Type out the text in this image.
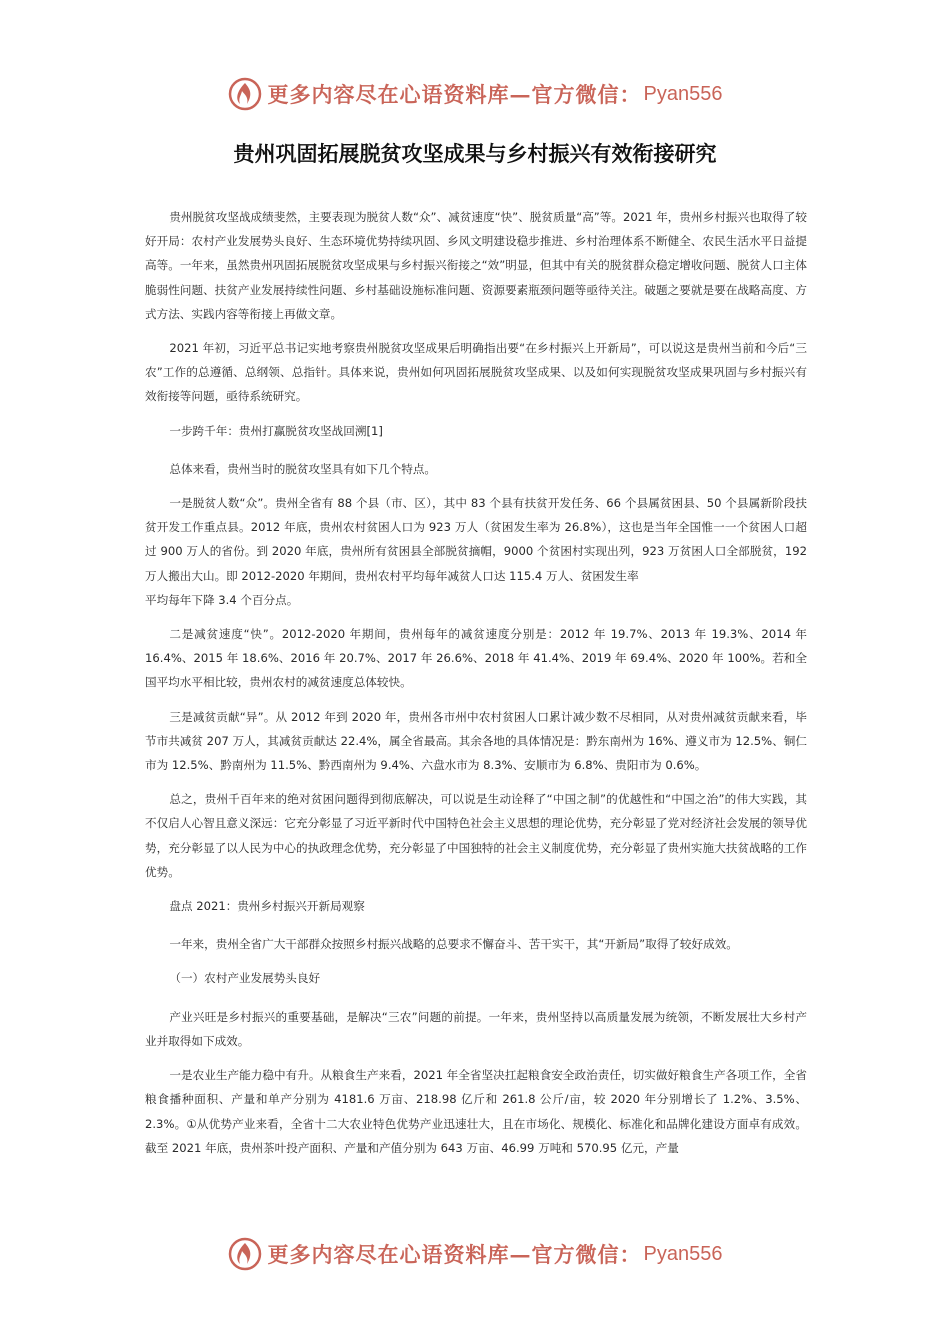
更多内容尽在心语资料库—官方微信： Pyan556
贵州巩固拓展脱贫攻坚成果与乡村振兴有效衔接研究

贵州脱贫攻坚战成绩斐然，主要表现为脱贫人数“众”、减贫速度“快”、脱贫质量“高”等。2021 年，贵州乡村振兴也取得了较好开局：农村产业发展势头良好、生态环境优势持续巩固、乡风文明建设稳步推进、乡村治理体系不断健全、农民生活水平日益提高等。一年来，虽然贵州巩固拓展脱贫攻坚成果与乡村振兴衔接之“效”明显，但其中有关的脱贫群众稳定增收问题、脱贫人口主体脆弱性问题、扶贫产业发展持续性问题、乡村基础设施标准问题、资源要素瓶颈问题等亟待关注。破题之要就是要在战略高度、方式方法、实践内容等衔接上再做文章。

2021 年初，习近平总书记实地考察贵州脱贫攻坚成果后明确指出要“在乡村振兴上开新局”，可以说这是贵州当前和今后“三农”工作的总遵循、总纲领、总指针。具体来说，贵州如何巩固拓展脱贫攻坚成果、以及如何实现脱贫攻坚成果巩固与乡村振兴有效衔接等问题，亟待系统研究。

一步跨千年：贵州打赢脱贫攻坚战回溯[1]

总体来看，贵州当时的脱贫攻坚具有如下几个特点。

一是脱贫人数“众”。贵州全省有 88 个县（市、区），其中 83 个县有扶贫开发任务、66 个县属贫困县、50 个县属新阶段扶贫开发工作重点县。2012 年底，贵州农村贫困人口为 923 万人（贫困发生率为 26.8%），这也是当年全国惟一一个贫困人口超过 900 万人的省份。到 2020 年底，贵州所有贫困县全部脱贫摘帽，9000 个贫困村实现出列，923 万贫困人口全部脱贫，192 万人搬出大山。即 2012-2020 年期间，贵州农村平均每年减贫人口达 115.4 万人、贫困发生率

平均每年下降 3.4 个百分点。

二是减贫速度“快”。2012-2020 年期间，贵州每年的减贫速度分别是：2012 年 19.7%、2013 年 19.3%、2014 年 16.4%、2015 年 18.6%、2016 年 20.7%、2017 年 26.6%、2018 年 41.4%、2019 年 69.4%、2020 年 100%。若和全国平均水平相比较，贵州农村的减贫速度总体较快。

三是减贫贡献“异”。从 2012 年到 2020 年，贵州各市州中农村贫困人口累计减少数不尽相同，从对贵州减贫贡献来看，毕节市共减贫 207 万人，其减贫贡献达 22.4%，属全省最高。其余各地的具体情况是：黔东南州为 16%、遵义市为 12.5%、铜仁市为 12.5%、黔南州为 11.5%、黔西南州为 9.4%、六盘水市为 8.3%、安顺市为 6.8%、贵阳市为 0.6%。

总之，贵州千百年来的绝对贫困问题得到彻底解决，可以说是生动诠释了“中国之制”的优越性和“中国之治”的伟大实践，其不仅启人心智且意义深远：它充分彰显了习近平新时代中国特色社会主义思想的理论优势，充分彰显了党对经济社会发展的领导优势，充分彰显了以人民为中心的执政理念优势，充分彰显了中国独特的社会主义制度优势，充分彰显了贵州实施大扶贫战略的工作优势。

盘点 2021：贵州乡村振兴开新局观察

一年来，贵州全省广大干部群众按照乡村振兴战略的总要求不懈奋斗、苦干实干，其“开新局”取得了较好成效。

（一）农村产业发展势头良好

产业兴旺是乡村振兴的重要基础，是解决“三农”问题的前提。一年来，贵州坚持以高质量发展为统领，不断发展壮大乡村产业并取得如下成效。

一是农业生产能力稳中有升。从粮食生产来看，2021 年全省坚决扛起粮食安全政治责任，切实做好粮食生产各项工作，全省粮食播种面积、产量和单产分别为 4181.6 万亩、218.98 亿斤和 261.8 公斤/亩，较 2020 年分别增长了 1.2%、3.5%、2.3%。①从优势产业来看，全省十二大农业特色优势产业迅速壮大，且在市场化、规模化、标准化和品牌化建设方面卓有成效。截至 2021 年底，贵州茶叶投产面积、产量和产值分别为 643 万亩、46.99 万吨和 570.95 亿元，产量

更多内容尽在心语资料库—官方微信： Pyan556
